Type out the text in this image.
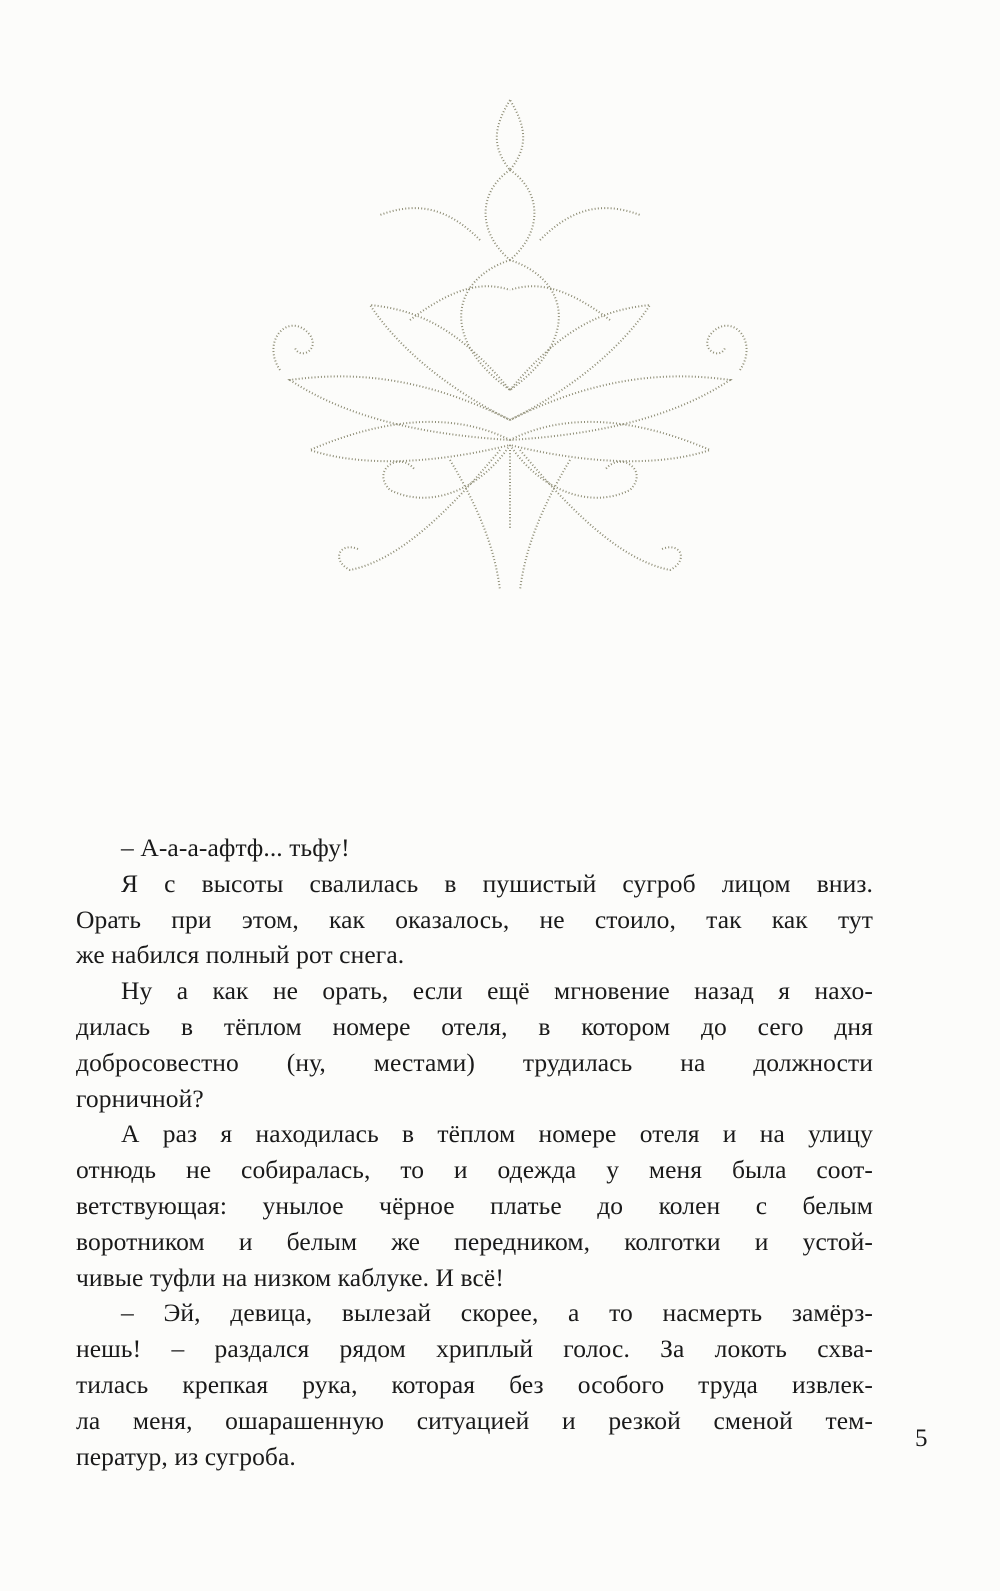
– А-а-а-афтф... тьфу!
Я с высоты свалилась в пушистый сугроб лицом вниз.
Орать при этом, как оказалось, не стоило, так как тут
же набился полный рот снега.
Ну а как не орать, если ещё мгновение назад я нахо-
дилась в тёплом номере отеля, в котором до сего дня
добросовестно (ну, местами) трудилась на должности
горничной?
А раз я находилась в тёплом номере отеля и на улицу
отнюдь не собиралась, то и одежда у меня была соот-
ветствующая: унылое чёрное платье до колен с белым
воротником и белым же передником, колготки и устой-
чивые туфли на низком каблуке. И всё!
– Эй, девица, вылезай скорее, а то насмерть замёрз-
нешь! – раздался рядом хриплый голос. За локоть схва-
тилась крепкая рука, которая без особого труда извлек-
ла меня, ошарашенную ситуацией и резкой сменой тем-
ператур, из сугроба.
5
